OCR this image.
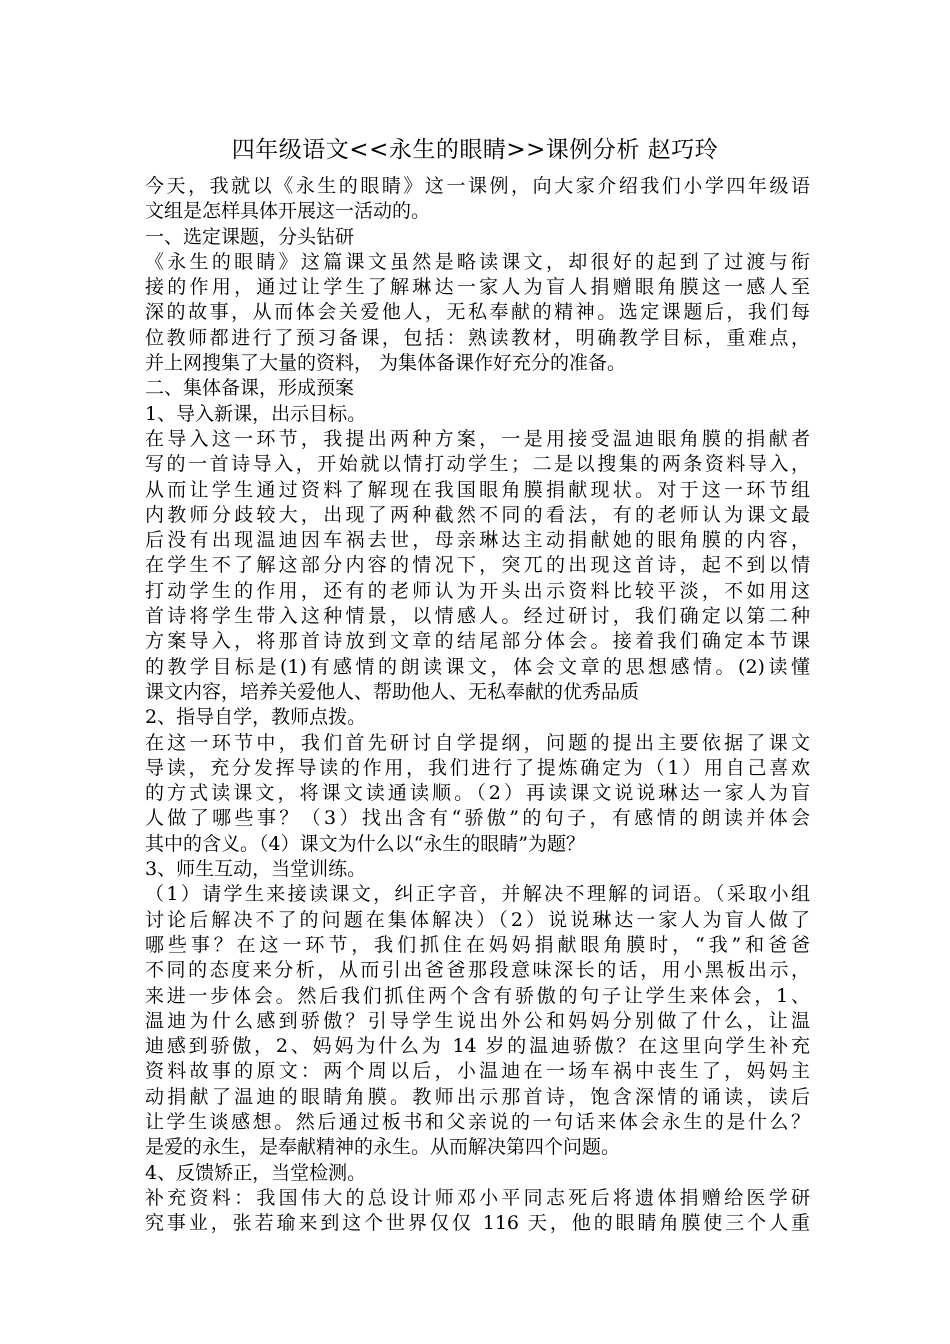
四年级语文<<永生的眼睛>>课例分析 赵巧玲
今天，我就以《永生的眼睛》这一课例，向大家介绍我们小学四年级语
文组是怎样具体开展这一活动的。
一、选定课题，分头钻研
《永生的眼睛》这篇课文虽然是略读课文，却很好的起到了过渡与衔
接的作用，通过让学生了解琳达一家人为盲人捐赠眼角膜这一感人至
深的故事，从而体会关爱他人，无私奉献的精神。选定课题后，我们每
位教师都进行了预习备课，包括：熟读教材，明确教学目标，重难点，
并上网搜集了大量的资料， 为集体备课作好充分的准备。
二、集体备课，形成预案
1、导入新课，出示目标。
在导入这一环节，我提出两种方案，一是用接受温迪眼角膜的捐献者
写的一首诗导入，开始就以情打动学生；二是以搜集的两条资料导入，
从而让学生通过资料了解现在我国眼角膜捐献现状。对于这一环节组
内教师分歧较大，出现了两种截然不同的看法，有的老师认为课文最
后没有出现温迪因车祸去世，母亲琳达主动捐献她的眼角膜的内容，
在学生不了解这部分内容的情况下，突兀的出现这首诗，起不到以情
打动学生的作用，还有的老师认为开头出示资料比较平淡，不如用这
首诗将学生带入这种情景，以情感人。经过研讨，我们确定以第二种
方案导入，将那首诗放到文章的结尾部分体会。接着我们确定本节课
的教学目标是(1)有感情的朗读课文，体会文章的思想感情。(2)读懂
课文内容，培养关爱他人、帮助他人、无私奉献的优秀品质
2、指导自学，教师点拨。
在这一环节中，我们首先研讨自学提纲，问题的提出主要依据了课文
导读，充分发挥导读的作用，我们进行了提炼确定为（1）用自己喜欢
的方式读课文，将课文读通读顺。（2）再读课文说说琳达一家人为盲
人做了哪些事？（3）找出含有“骄傲”的句子，有感情的朗读并体会
其中的含义。（4）课文为什么以“永生的眼睛”为题？
3、师生互动，当堂训练。
（1）请学生来接读课文，纠正字音，并解决不理解的词语。（采取小组
讨论后解决不了的问题在集体解决）（2）说说琳达一家人为盲人做了
哪些事？在这一环节，我们抓住在妈妈捐献眼角膜时，“我”和爸爸
不同的态度来分析，从而引出爸爸那段意味深长的话，用小黑板出示，
来进一步体会。然后我们抓住两个含有骄傲的句子让学生来体会，1、
温迪为什么感到骄傲？引导学生说出外公和妈妈分别做了什么，让温
迪感到骄傲，2、妈妈为什么为 14 岁的温迪骄傲？在这里向学生补充
资料故事的原文：两个周以后，小温迪在一场车祸中丧生了，妈妈主
动捐献了温迪的眼睛角膜。教师出示那首诗，饱含深情的诵读，读后
让学生谈感想。然后通过板书和父亲说的一句话来体会永生的是什么？
是爱的永生，是奉献精神的永生。从而解决第四个问题。
4、反馈矫正，当堂检测。
补充资料：我国伟大的总设计师邓小平同志死后将遗体捐赠给医学研
究事业，张若瑜来到这个世界仅仅 116 天，他的眼睛角膜使三个人重
